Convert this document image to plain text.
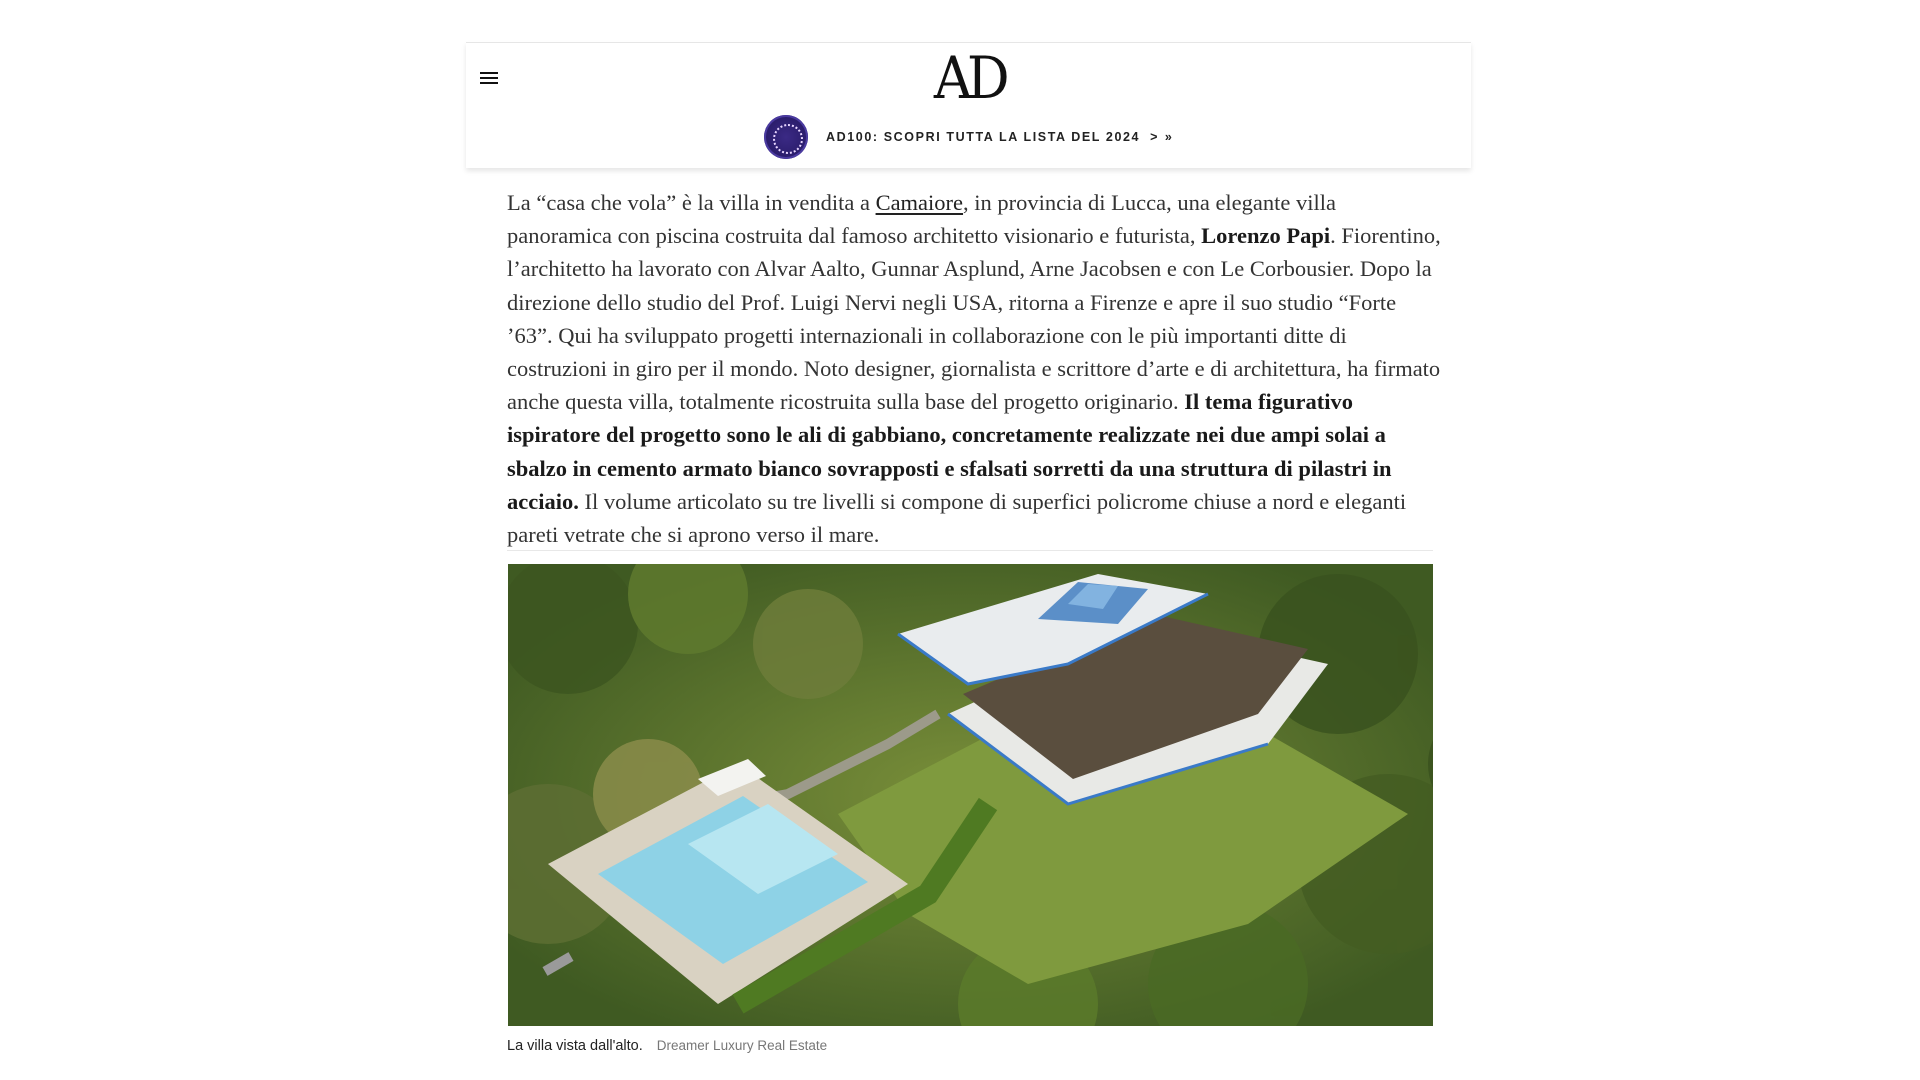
AD
AD100: SCOPRI TUTTA LA LISTA DEL 2024 > »
La “casa che vola” è la villa in vendita a Camaiore, in provincia di Lucca, una elegante villa panoramica con piscina costruita dal famoso architetto visionario e futurista, Lorenzo Papi. Fiorentino, l’architetto ha lavorato con Alvar Aalto, Gunnar Asplund, Arne Jacobsen e con Le Corbousier. Dopo la direzione dello studio del Prof. Luigi Nervi negli USA, ritorna a Firenze e apre il suo studio “Forte ’63”. Qui ha sviluppato progetti internazionali in collaborazione con le più importanti ditte di costruzioni in giro per il mondo. Noto designer, giornalista e scrittore d’arte e di architettura, ha firmato anche questa villa, totalmente ricostruita sulla base del progetto originario. Il tema figurativo ispiratore del progetto sono le ali di gabbiano, concretamente realizzate nei due ampi solai a sbalzo in cemento armato bianco sovrapposti e sfalsati sorretti da una struttura di pilastri in acciaio. Il volume articolato su tre livelli si compone di superfici policrome chiuse a nord e eleganti pareti vetrate che si aprono verso il mare.
La villa vista dall'alto. Dreamer Luxury Real Estate
